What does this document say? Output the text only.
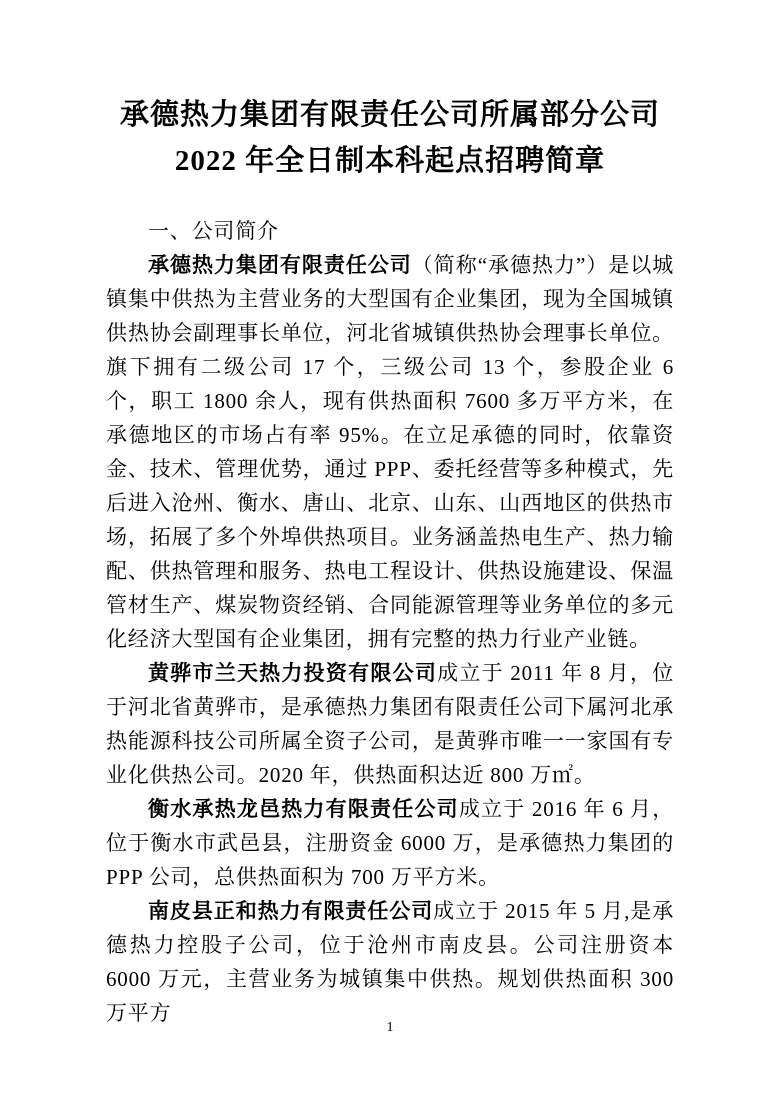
承德热力集团有限责任公司所属部分公司
2022 年全日制本科起点招聘简章
一、公司简介

承德热力集团有限责任公司（简称“承德热力”）是以城镇集中供热为主营业务的大型国有企业集团，现为全国城镇供热协会副理事长单位，河北省城镇供热协会理事长单位。旗下拥有二级公司 17 个，三级公司 13 个，参股企业 6 个，职工 1800 余人，现有供热面积 7600 多万平方米，在承德地区的市场占有率 95%。在立足承德的同时，依靠资金、技术、管理优势，通过 PPP、委托经营等多种模式，先后进入沧州、衡水、唐山、北京、山东、山西地区的供热市场，拓展了多个外埠供热项目。业务涵盖热电生产、热力输配、供热管理和服务、热电工程设计、供热设施建设、保温管材生产、煤炭物资经销、合同能源管理等业务单位的多元化经济大型国有企业集团，拥有完整的热力行业产业链。

黄骅市兰天热力投资有限公司成立于 2011 年 8 月，位于河北省黄骅市，是承德热力集团有限责任公司下属河北承热能源科技公司所属全资子公司，是黄骅市唯一一家国有专业化供热公司。2020 年，供热面积达近 800 万㎡。

衡水承热龙邑热力有限责任公司成立于 2016 年 6 月，位于衡水市武邑县，注册资金 6000 万，是承德热力集团的 PPP 公司，总供热面积为 700 万平方米。

南皮县正和热力有限责任公司成立于 2015 年 5 月,是承德热力控股子公司，位于沧州市南皮县。公司注册资本 6000 万元，主营业务为城镇集中供热。规划供热面积 300 万平方

1
